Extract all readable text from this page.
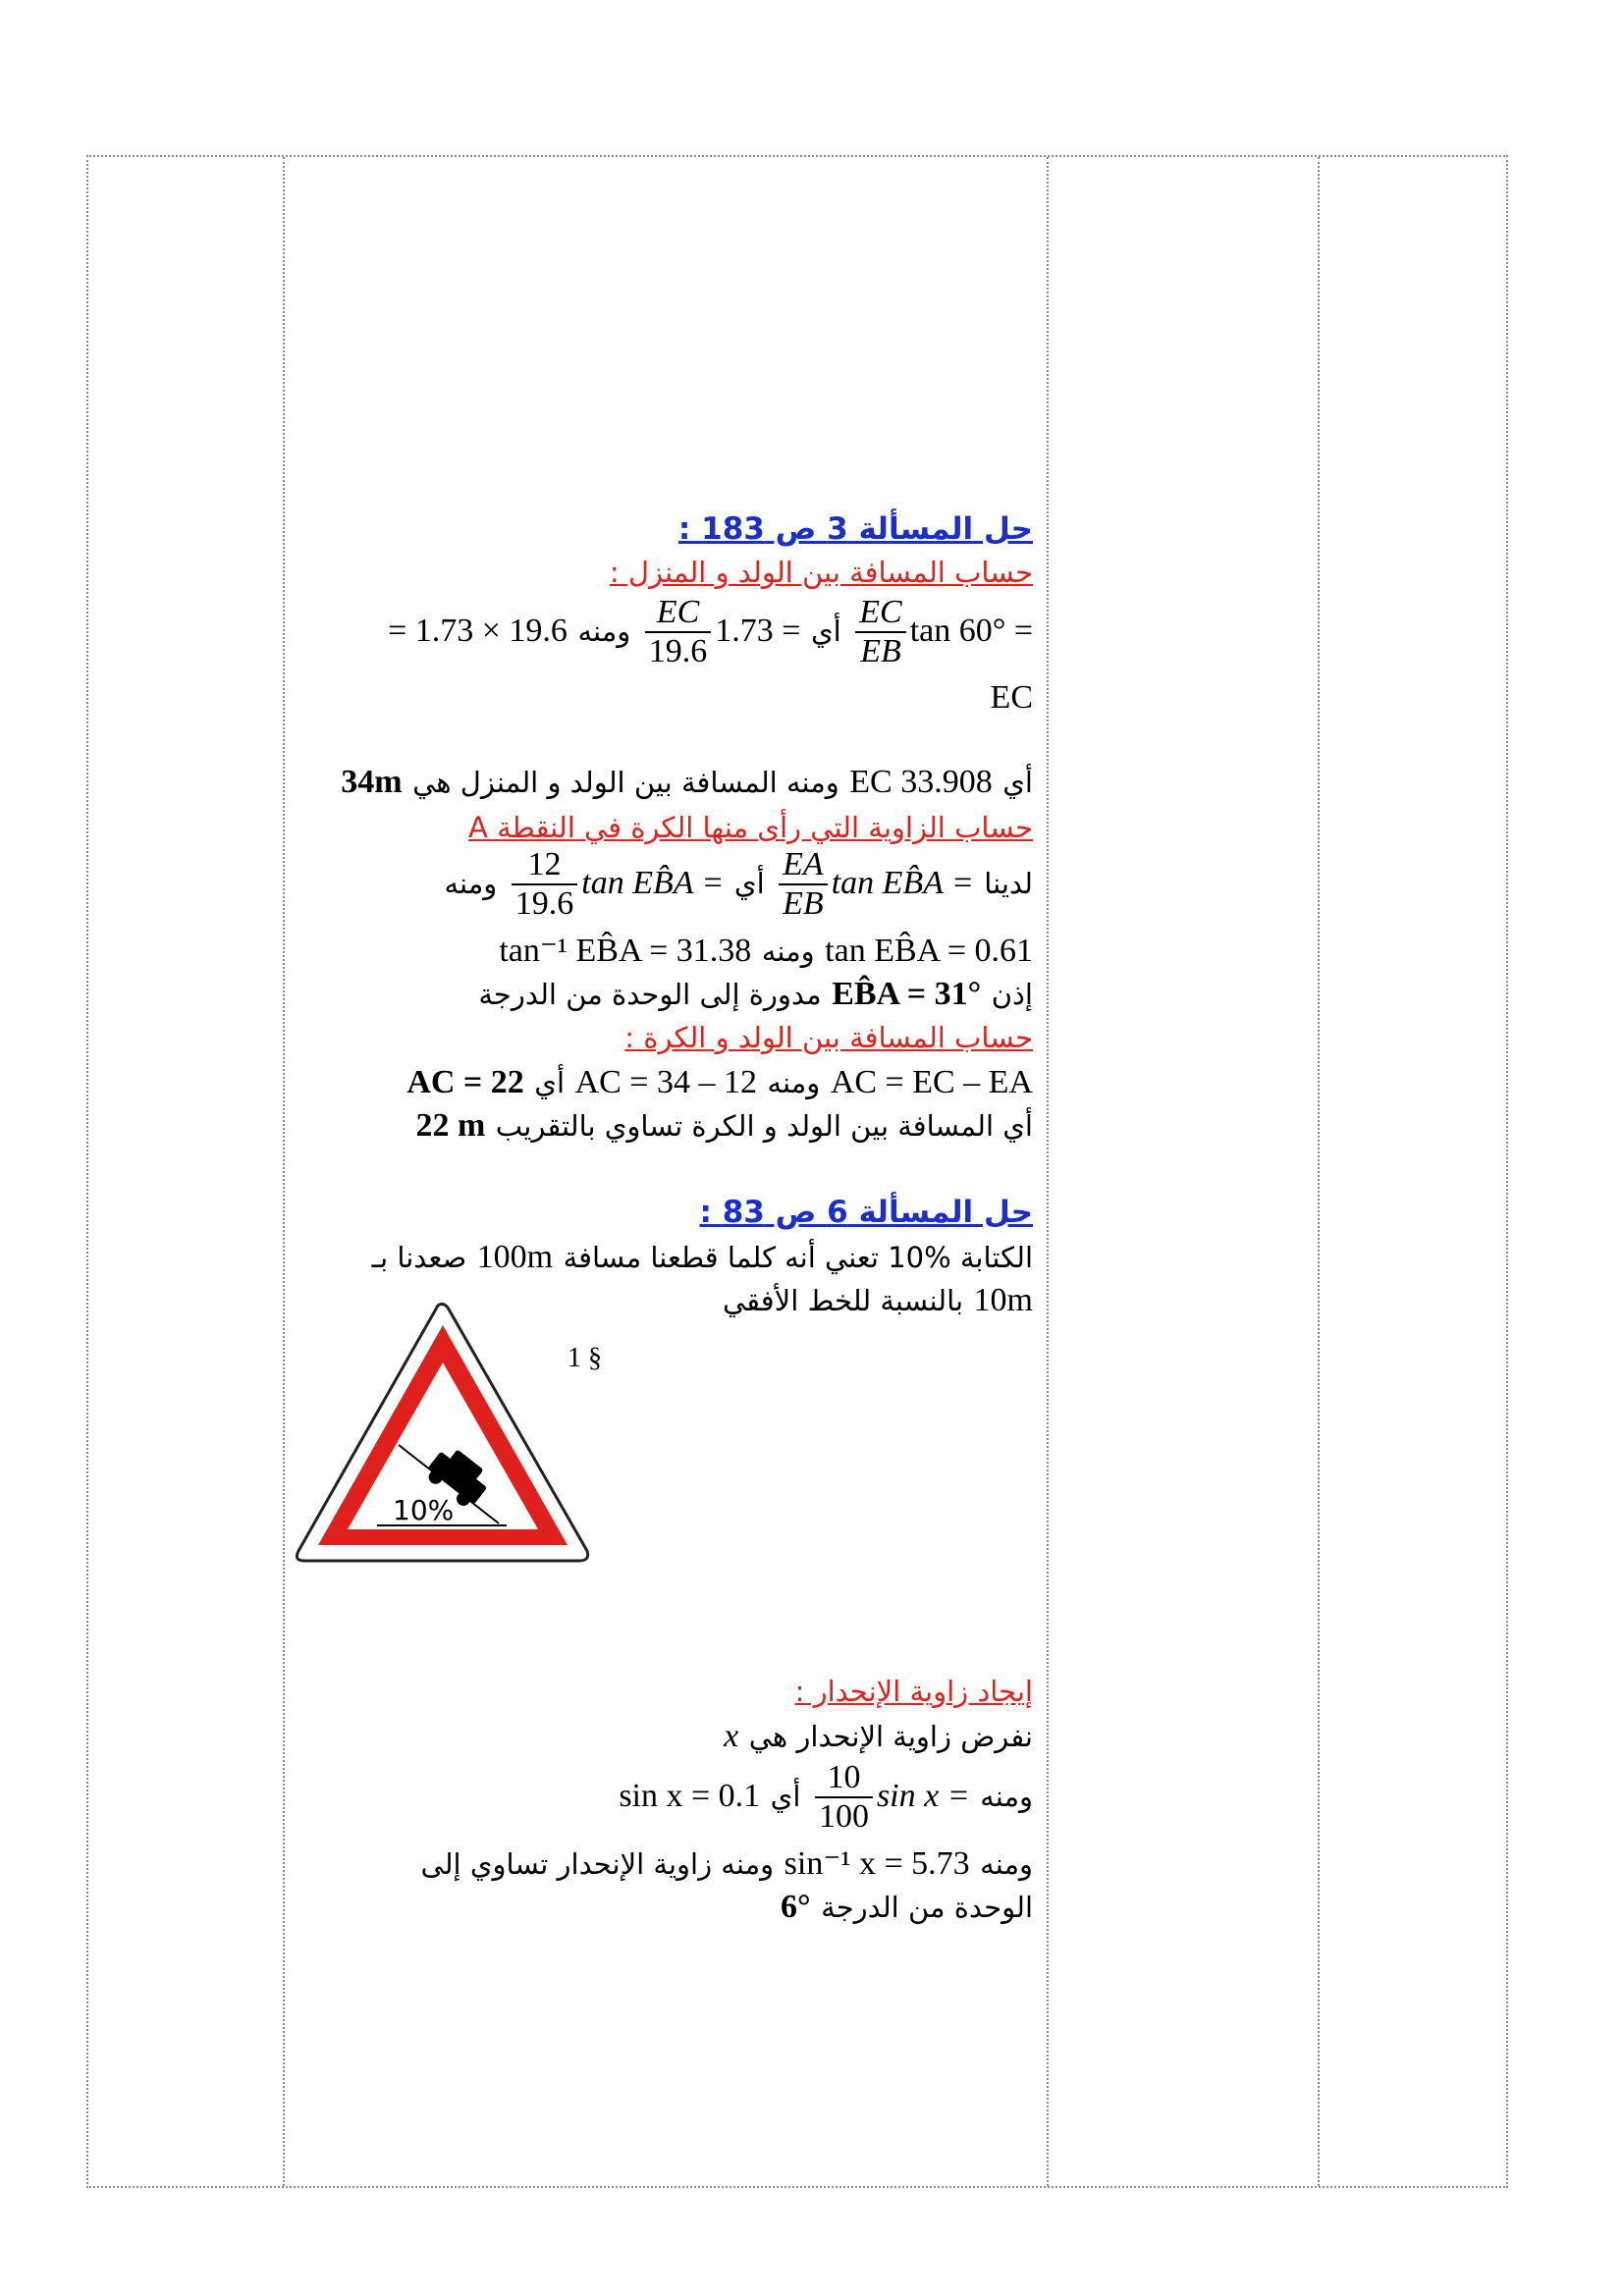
حل المسألة 3 ص 183 :
حساب المسافة بين الولد و المنزل :
tan 60° =
$\frac{EC}{EB}$
أي 1.73 =
$\frac{EC}{19.6}$
ومنه = 1.73 × 19.6
EC
أي EC 33.908 ومنه المسافة بين الولد و المنزل هي 34m
حساب الزاوية التي رأى منها الكرة في النقطة A
لدينا tan EB̂A =
$\frac{EA}{EB}$
أي tan EB̂A =
$\frac{12}{19.6}$
ومنه
tan EB̂A = 0.61 ومنه tan⁻¹ EB̂A = 31.38
إذن EB̂A = 31° مدورة إلى الوحدة من الدرجة
حساب المسافة بين الولد و الكرة :
AC = EC – EA ومنه AC = 34 – 12 أي AC = 22
أي المسافة بين الولد و الكرة تساوي بالتقريب 22 m
حل المسألة 6 ص 83 :
الكتابة %10 تعني أنه كلما قطعنا مسافة 100m صعدنا بـ
10m بالنسبة للخط الأفقي
إيجاد زاوية الإنحدار :
نفرض زاوية الإنحدار هي x
ومنه sin x =
$\frac{10}{100}$
أي sin x = 0.1
ومنه sin⁻¹ x = 5.73 ومنه زاوية الإنحدار تساوي إلى
الوحدة من الدرجة 6°
10%
1 §
